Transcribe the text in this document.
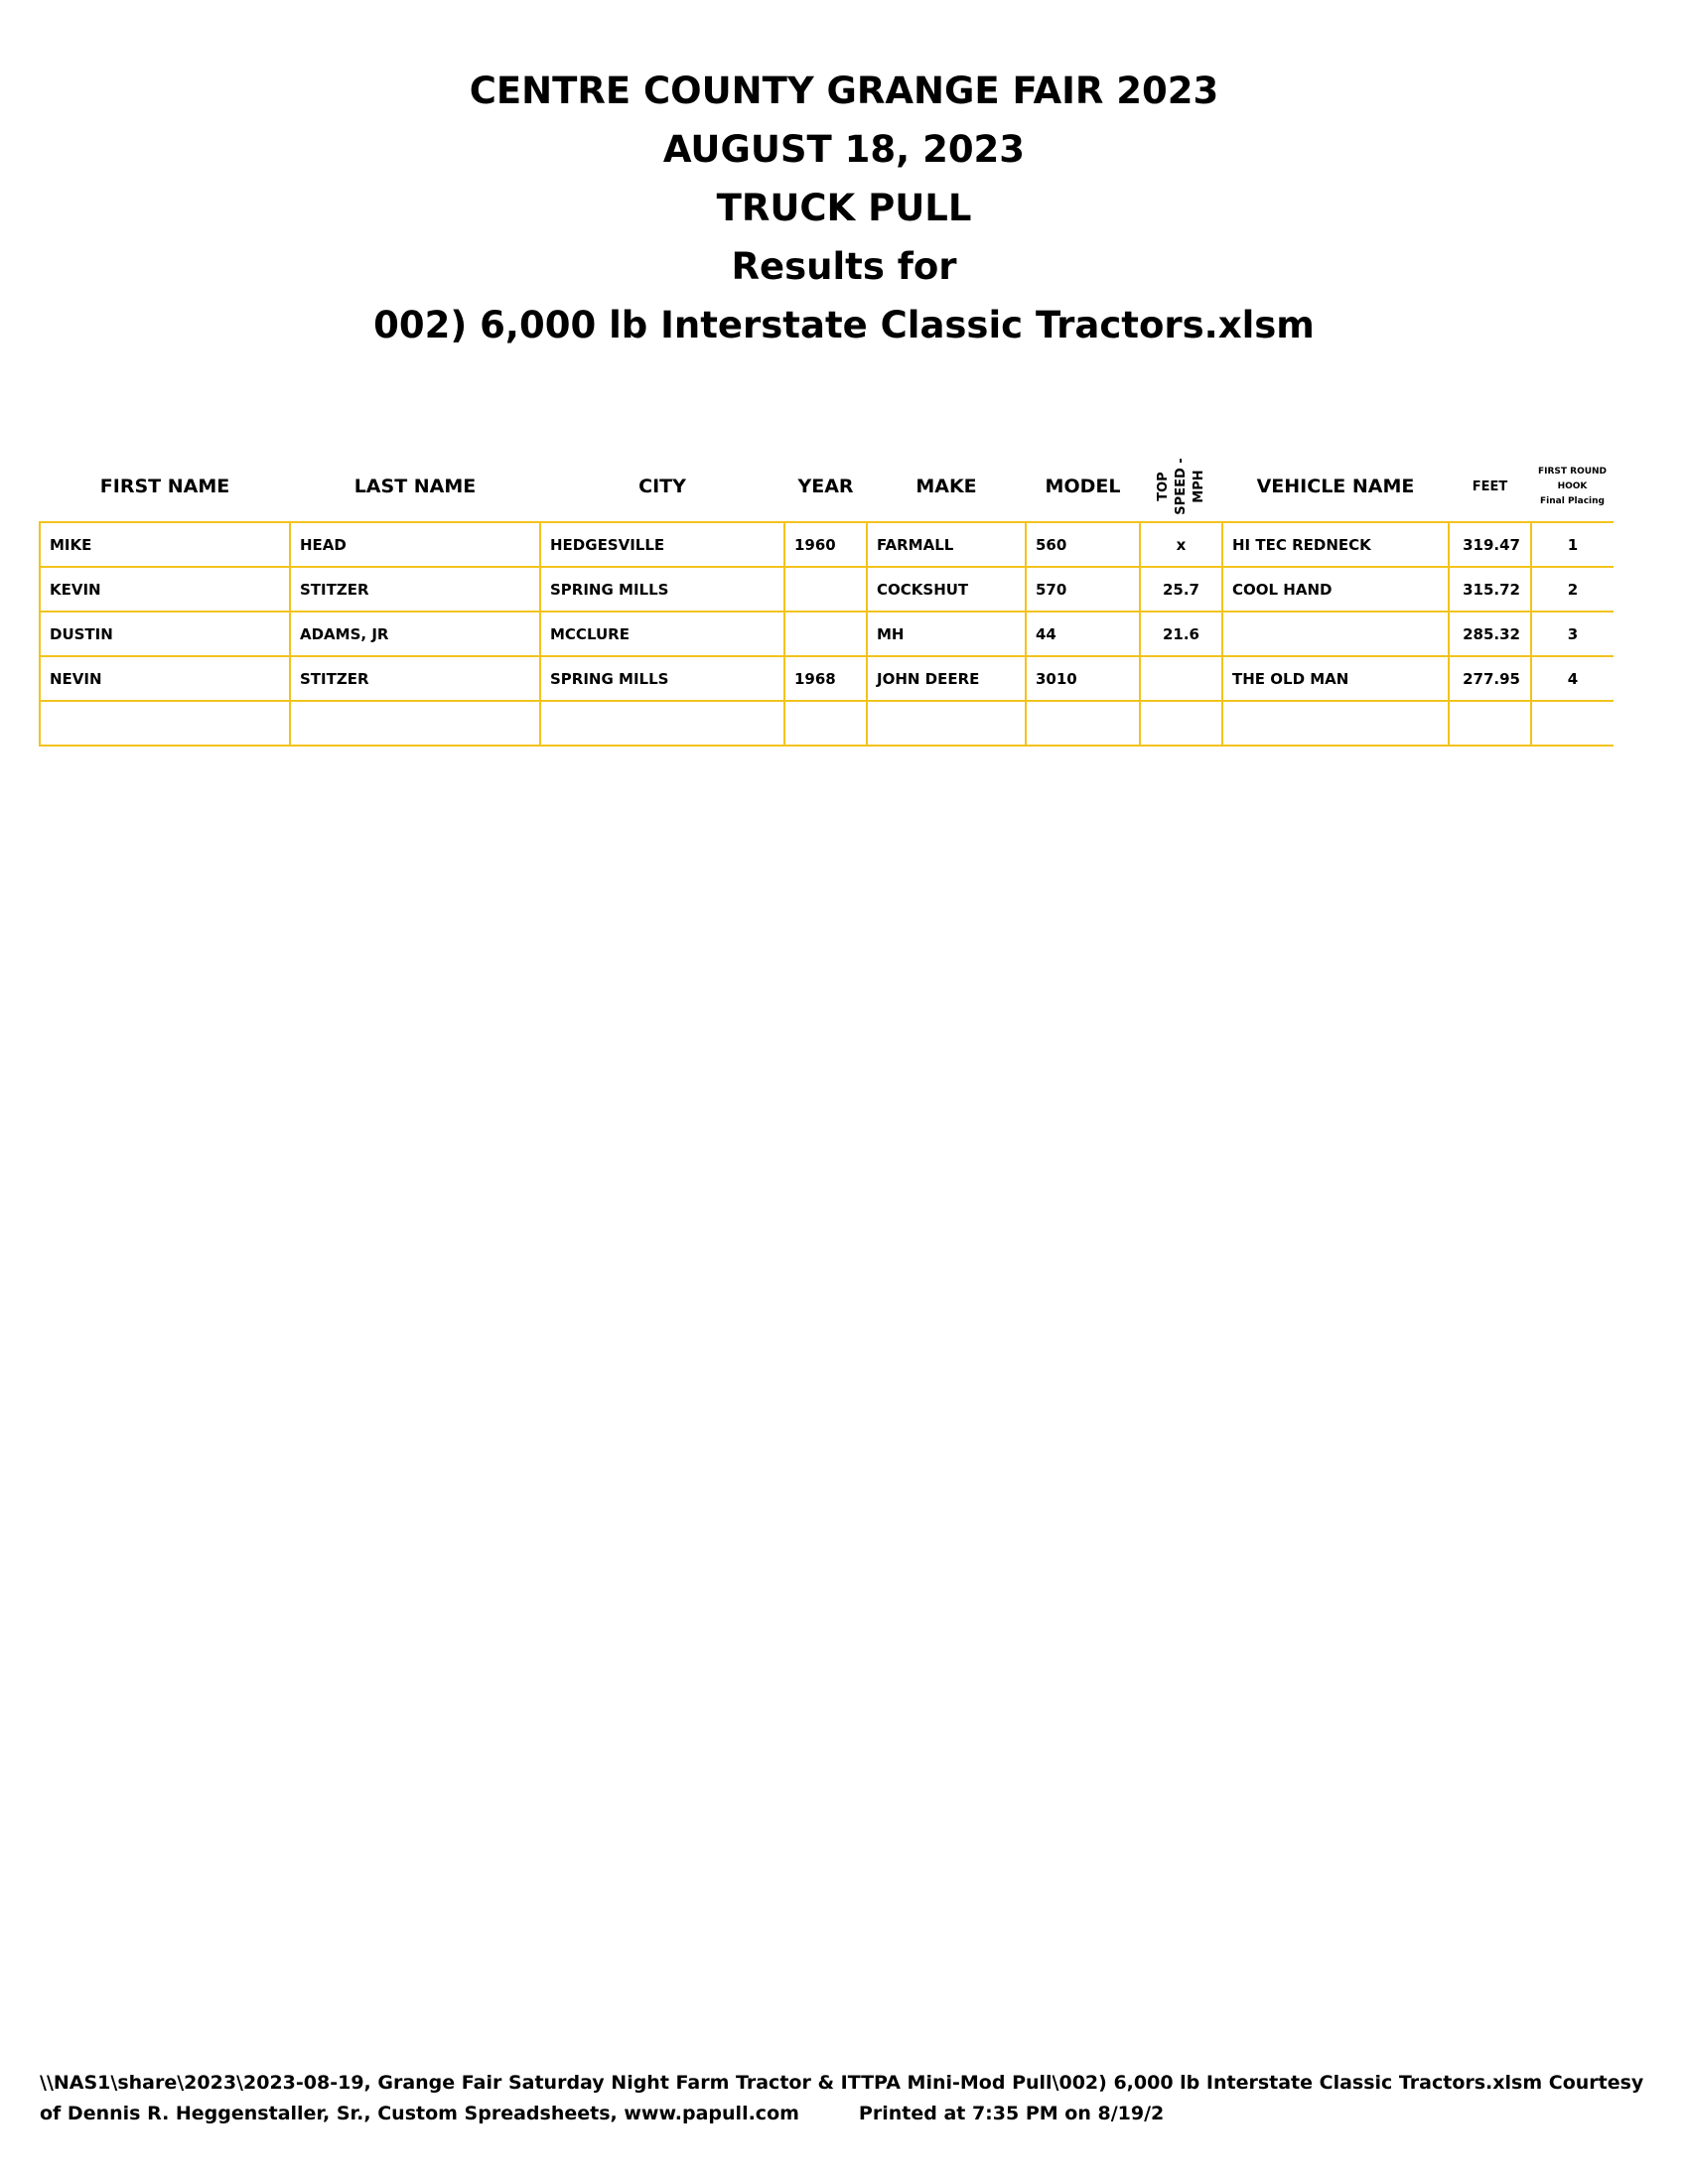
CENTRE COUNTY GRANGE FAIR 2023
AUGUST 18, 2023
TRUCK PULL
Results for
002) 6,000 lb Interstate Classic Tractors.xlsm
FIRST NAME	LAST NAME	CITY	YEAR	MAKE	MODEL	TOP SPEED - MPH	VEHICLE NAME	FEET	FIRST ROUND
HOOK
Final Placing

MIKE	HEAD	HEDGESVILLE	1960	FARMALL	560	x	HI TEC REDNECK	319.47	1
KEVIN	STITZER	SPRING MILLS		COCKSHUT	570	25.7	COOL HAND	315.72	2
DUSTIN	ADAMS, JR	MCCLURE		MH	44	21.6		285.32	3
NEVIN	STITZER	SPRING MILLS	1968	JOHN DEERE	3010		THE OLD MAN	277.95	4

\\NAS1\share\2023\2023-08-19, Grange Fair Saturday Night Farm Tractor & ITTPA Mini-Mod Pull\002) 6,000 lb Interstate Classic Tractors.xlsm Courtesy
of Dennis R. Heggenstaller, Sr., Custom Spreadsheets, www.papull.com	Printed at 7:35 PM on 8/19/2
